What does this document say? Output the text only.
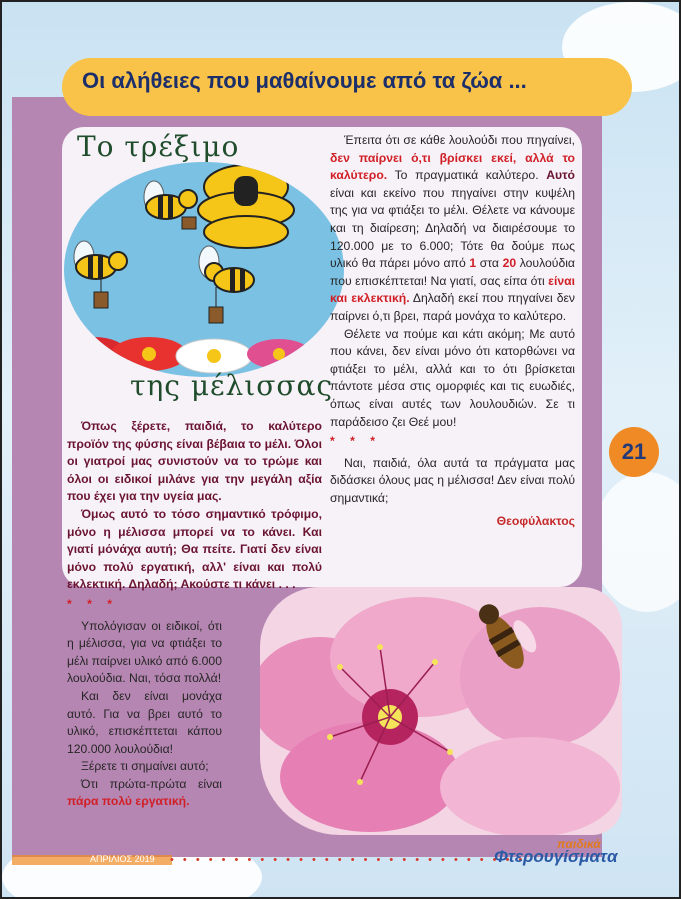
Οι αλήθειες που μαθαίνουμε από τα ζώα ...
Το τρέξιμο
της μέλισσας

Όπως ξέρετε, παιδιά, το καλύτερο προϊόν της φύσης είναι βέβαια το μέλι. Όλοι οι γιατροί μας συνιστούν να το τρώμε και όλοι οι ειδικοί μιλάνε για την μεγάλη αξία που έχει για την υγεία μας.

Όμως αυτό το τόσο σημαντικό τρόφιμο, μόνο η μέλισσα μπορεί να το κάνει. Και γιατί μόνάχα αυτή; Θα πείτε. Γιατί δεν είναι μόνο πολύ εργατική, αλλ' είναι και πολύ εκλεκτική. Δηλαδή; Ακούστε τι κάνει . . .

* * *

Υπολόγισαν οι ειδικοί, ότι η μέλισσα, για να φτιάξει το μέλι παίρνει υλικό από 6.000 λουλούδια. Ναι, τόσα πολλά!

Και δεν είναι μονάχα αυτό. Για να βρει αυτό το υλικό, επισκέπτεται κάπου 120.000 λουλούδια!

Ξέρετε τι σημαίνει αυτό;

Ότι πρώτα-πρώτα είναι πάρα πολύ εργατική.

Έπειτα ότι σε κάθε λουλούδι που πηγαίνει, δεν παίρνει ό,τι βρίσκει εκεί, αλλά το καλύτερο. Το πραγματικά καλύτερο. Αυτό είναι και εκείνο που πηγαίνει στην κυψέλη της για να φτιάξει το μέλι. Θέλετε να κάνουμε και τη διαίρεση; Δηλαδή να διαιρέσουμε το 120.000 με το 6.000; Τότε θα δούμε πως υλικό θα πάρει μόνο από 1 στα 20 λουλούδια που επισκέπτεται! Να γιατί, σας είπα ότι είναι και εκλεκτική. Δηλαδή εκεί που πηγαίνει δεν παίρνει ό,τι βρει, παρά μονάχα το καλύτερο.

Θέλετε να πούμε και κάτι ακόμη; Με αυτό που κάνει, δεν είναι μόνο ότι κατορθώνει να φτιάξει το μέλι, αλλά και το ότι βρίσκεται πάντοτε μέσα στις ομορφιές και τις ευωδιές, όπως είναι αυτές των λουλουδιών. Σε τι παράδεισο ζει Θεέ μου!

* * *

Ναι, παιδιά, όλα αυτά τα πράγματα μας διδάσκει όλους μας η μέλισσα! Δεν είναι πολύ σημαντικά;

Θεοφύλακτος

21
ΑΠΡΙΛΙΟΣ 2019 • • • • • • • • • • • • • • • • • • • • • • • • • • • •
παιδικά
Φτερουγίσματα
